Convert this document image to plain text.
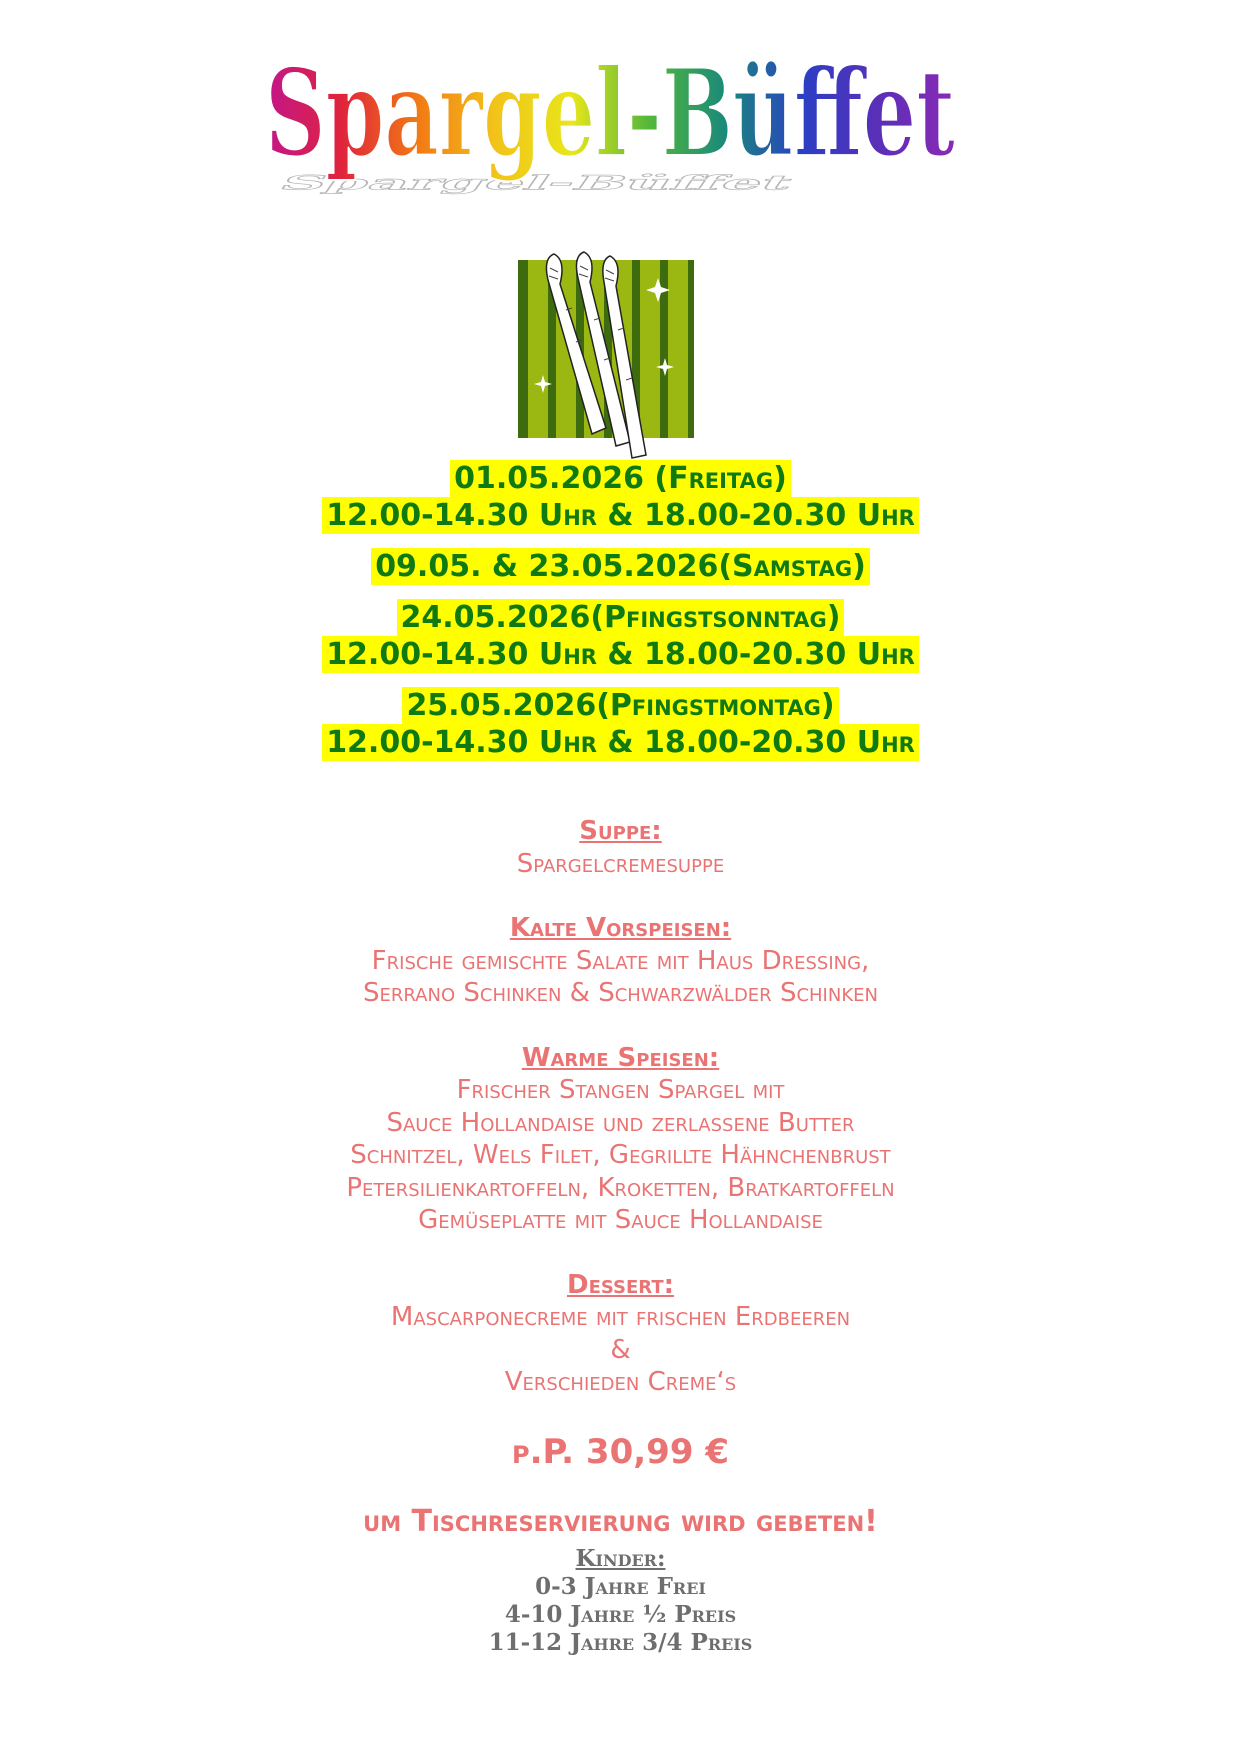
Spargel-Büffet
Spargel-Büffet
01.05.2026 (Freitag)
12.00-14.30 Uhr & 18.00-20.30 Uhr
09.05. & 23.05.2026(Samstag)
24.05.2026(Pfingstsonntag)
12.00-14.30 Uhr & 18.00-20.30 Uhr
25.05.2026(Pfingstmontag)
12.00-14.30 Uhr & 18.00-20.30 Uhr
Suppe:
Spargelcremesuppe
Kalte Vorspeisen:
Frische gemischte Salate mit Haus Dressing,
Serrano Schinken & Schwarzwälder Schinken
Warme Speisen:
Frischer Stangen Spargel mit
Sauce Hollandaise und zerlassene Butter
Schnitzel, Wels Filet, Gegrillte Hähnchenbrust
Petersilienkartoffeln, Kroketten, Bratkartoffeln
Gemüseplatte mit Sauce Hollandaise
Dessert:
Mascarponecreme mit frischen Erdbeeren
&
Verschieden Creme‘s
p.P. 30,99 €
um Tischreservierung wird gebeten!
Kinder:
0-3 Jahre Frei
4-10 Jahre ½ Preis
11-12 Jahre 3/4 Preis
